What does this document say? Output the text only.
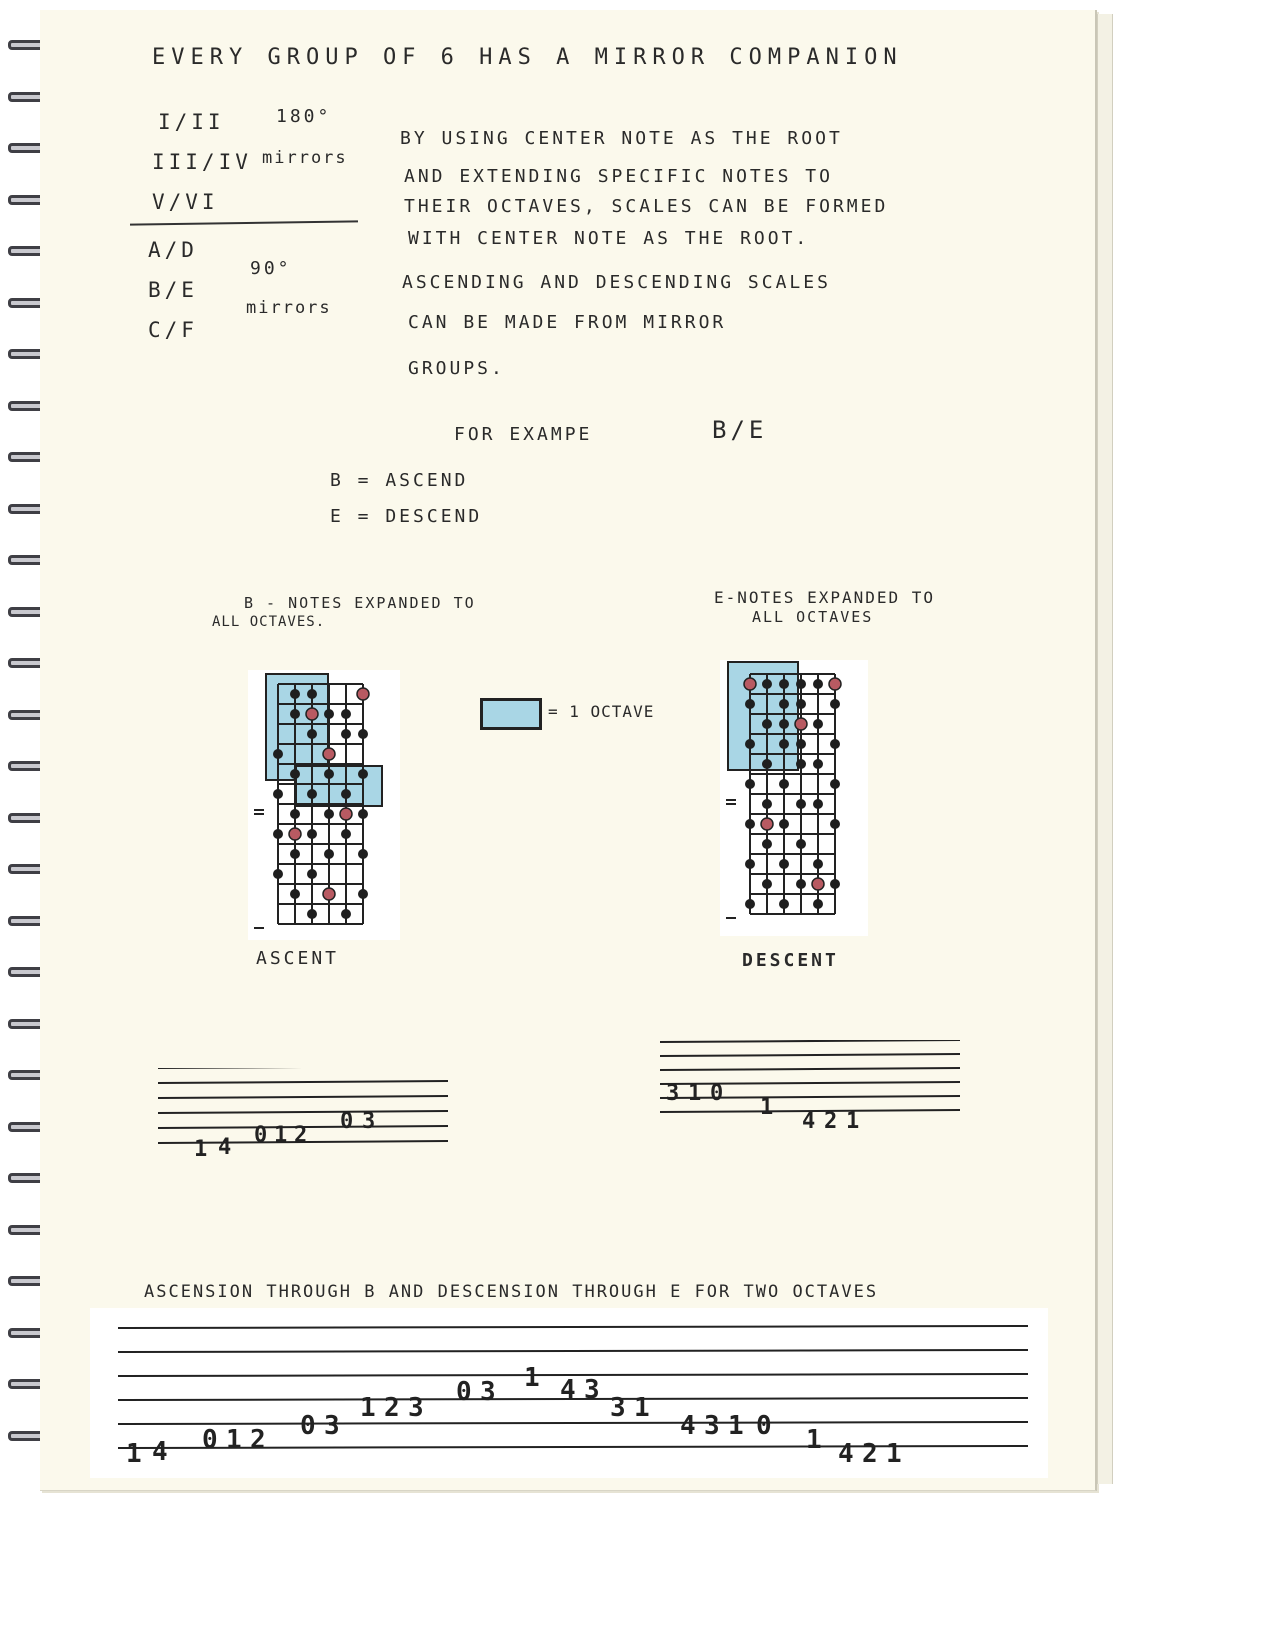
EVERY GROUP OF 6 HAS A MIRROR COMPANION
I/II	180°
III/IV mirrors
V/VI
A/D
B/E
90°
C/F
mirrors
BY USING CENTER NOTE AS THE ROOT
AND EXTENDING SPECIFIC NOTES TO
THEIR OCTAVES, SCALES CAN BE FORMED
WITH CENTER NOTE AS THE ROOT.
ASCENDING AND DESCENDING SCALES
CAN BE MADE FROM MIRROR
GROUPS.
FOR EXAMPE	B/E
B = ASCEND
E = DESCEND
B - NOTES EXPANDED TO
ALL OCTAVES.
E-NOTES EXPANDED TO
ALL OCTAVES
= 1 OCTAVE
ASCENT	DESCENT
1 4 0 1 2
0 3
3 1 0
1
4 2 1
ASCENSION THROUGH B AND DESCENSION THROUGH E FOR TWO OCTAVES
1 4 0 1 2 0 3
1 2 3
0 3 1 4 3
3 1
4 3 1 0 1 4 2 1
